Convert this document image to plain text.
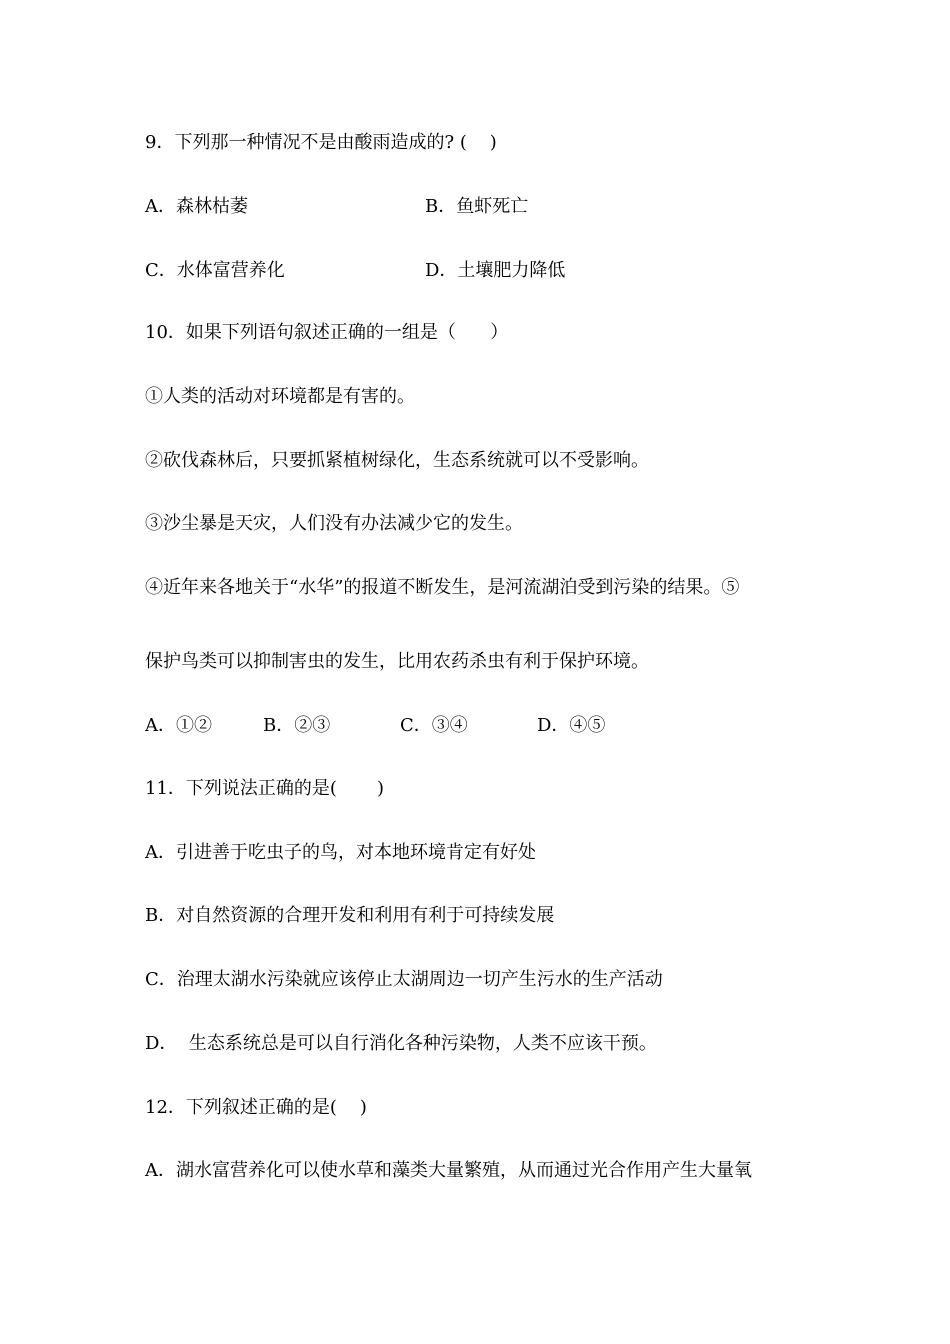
9．下列那一种情况不是由酸雨造成的? (    )
A．森林枯萎	B．鱼虾死亡
C．水体富营养化	D．土壤肥力降低
10．如果下列语句叙述正确的一组是（      ）
①人类的活动对环境都是有害的。
②砍伐森林后，只要抓紧植树绿化，生态系统就可以不受影响。
③沙尘暴是天灾，人们没有办法减少它的发生。
④近年来各地关于“水华”的报道不断发生，是河流湖泊受到污染的结果。⑤
保护鸟类可以抑制害虫的发生，比用农药杀虫有利于保护环境。
A．①②	B．②③	C．③④	D．④⑤
11．下列说法正确的是(       )
A．引进善于吃虫子的鸟，对本地环境肯定有好处
B．对自然资源的合理开发和利用有利于可持续发展
C．治理太湖水污染就应该停止太湖周边一切产生污水的生产活动
D．  生态系统总是可以自行消化各种污染物，人类不应该干预。
12．下列叙述正确的是(    )
A．湖水富营养化可以使水草和藻类大量繁殖，从而通过光合作用产生大量氧
